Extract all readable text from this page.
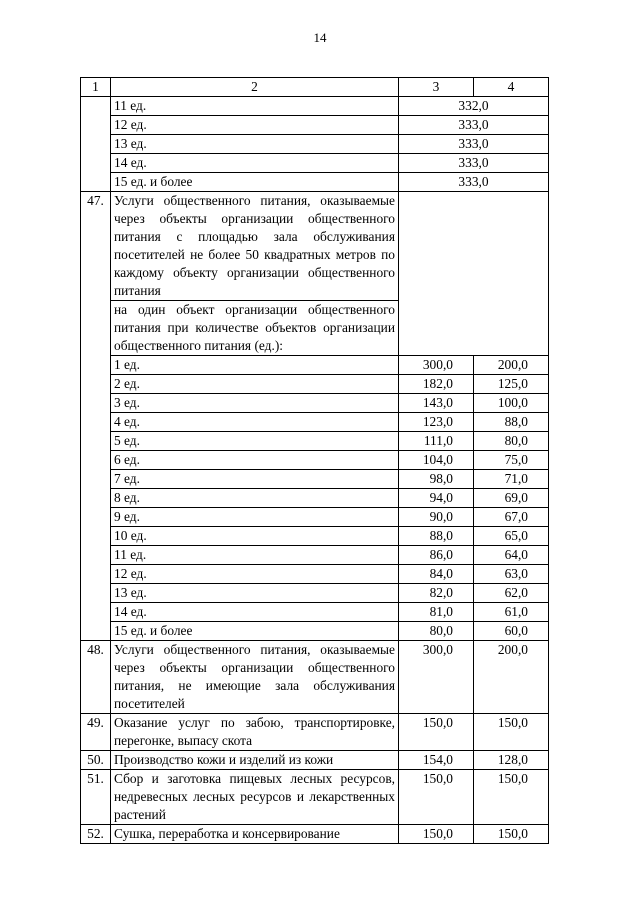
14
1	2	3	4
	11 ед.	332,0	
	12 ед.	333,0	
	13 ед.	333,0	
	14 ед.	333,0	
	15 ед. и более	333,0	
47.	Услуги общественного питания, оказываемые через объекты организации общественного питания с площадью зала обслуживания посетителей не более 50 квадратных метров по каждому объекту организации общественного питания		
	на один объект организации общественного питания при количестве объектов организации общественного питания (ед.):		
	1 ед.	300,0	200,0
	2 ед.	182,0	125,0
	3 ед.	143,0	100,0
	4 ед.	123,0	88,0
	5 ед.	111,0	80,0
	6 ед.	104,0	75,0
	7 ед.	98,0	71,0
	8 ед.	94,0	69,0
	9 ед.	90,0	67,0
	10 ед.	88,0	65,0
	11 ед.	86,0	64,0
	12 ед.	84,0	63,0
	13 ед.	82,0	62,0
	14 ед.	81,0	61,0
	15 ед. и более	80,0	60,0
48.	Услуги общественного питания, оказываемые через объекты организации общественного питания, не имеющие зала обслуживания посетителей	300,0	200,0
49.	Оказание услуг по забою, транспортировке, перегонке, выпасу скота	150,0	150,0
50.	Производство кожи и изделий из кожи	154,0	128,0
51.	Сбор и заготовка пищевых лесных ресурсов, недревесных лесных ресурсов и лекарственных растений	150,0	150,0
52.	Сушка, переработка и консервирование	150,0	150,0
